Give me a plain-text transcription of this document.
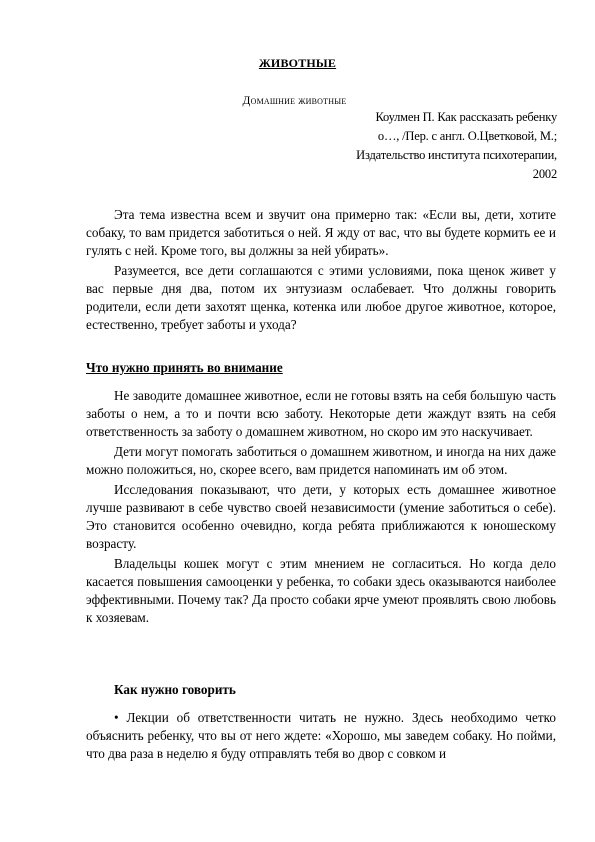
ЖИВОТНЫЕ
Домашние животные
Коулмен П. Как рассказать ребенку
о…, /Пер. с англ. О.Цветковой, М.;
Издательство института психотерапии,
2002

Эта тема известна всем и звучит она примерно так: «Если вы, дети, хотите собаку, то вам придется заботиться о ней. Я жду от вас, что вы будете кормить ее и гулять с ней. Кроме того, вы должны за ней убирать».

Разумеется, все дети соглашаются с этими условиями, пока щенок живет у вас первые дня два, потом их энтузиазм ослабевает. Что должны говорить родители, если дети захотят щенка, котенка или любое другое животное, которое, естественно, требует заботы и ухода?

Что нужно принять во внимание

Не заводите домашнее животное, если не готовы взять на себя большую часть заботы о нем, а то и почти всю заботу. Некоторые дети жаждут взять на себя ответственность за заботу о домашнем животном, но скоро им это наскучивает.

Дети могут помогать заботиться о домашнем животном, и иногда на них даже можно положиться, но, скорее всего, вам придется напоминать им об этом.

Исследования показывают, что дети, у которых есть домашнее животное лучше развивают в себе чувство своей независимости (умение заботиться о себе). Это становится особенно очевидно, когда ребята приближаются к юношескому возрасту.

Владельцы кошек могут с этим мнением не согласиться. Но когда дело касается повышения самооценки у ребенка, то собаки здесь оказываются наиболее эффективными. Почему так? Да просто собаки ярче умеют проявлять свою любовь к хозяевам.

Как нужно говорить

• Лекции об ответственности читать не нужно. Здесь необходимо четко объяснить ребенку, что вы от него ждете: «Хорошо, мы заведем собаку. Но пойми, что два раза в неделю я буду отправлять тебя во двор с совком и
